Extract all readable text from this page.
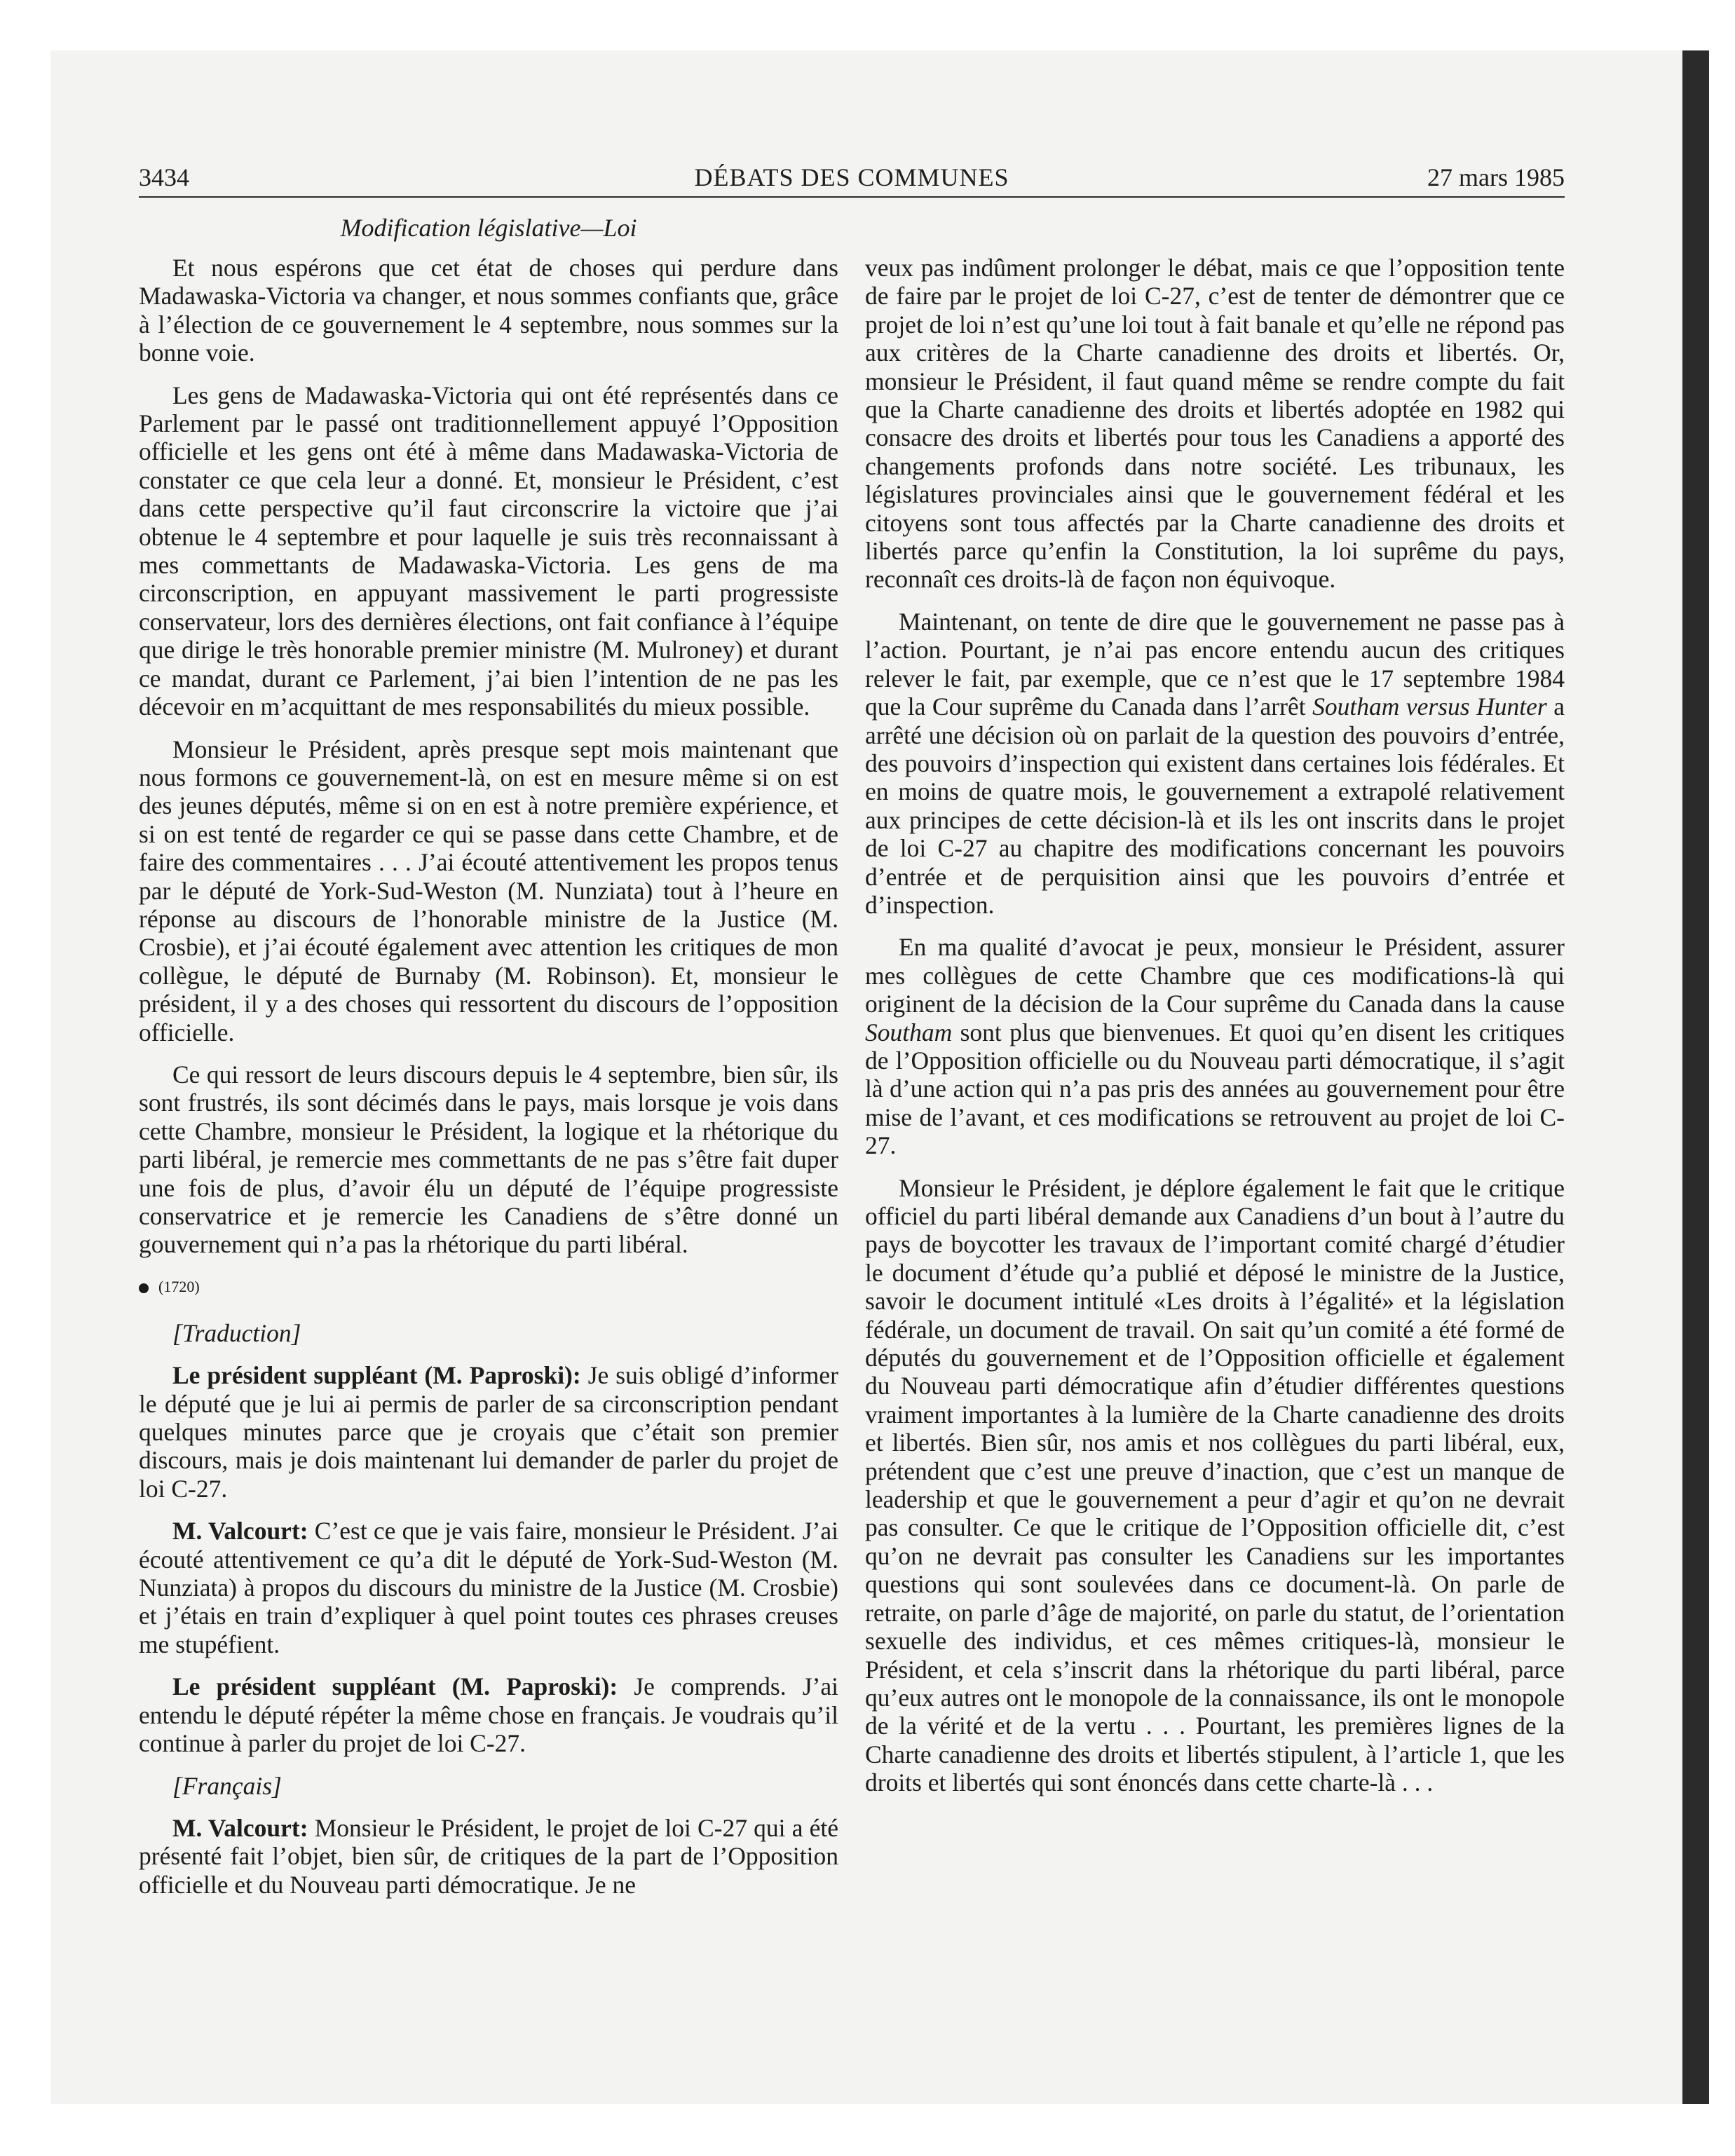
3434	DÉBATS DES COMMUNES	27 mars 1985
Modification législative—Loi

Et nous espérons que cet état de choses qui perdure dans Madawaska-Victoria va changer, et nous sommes confiants que, grâce à l’élection de ce gouvernement le 4 septembre, nous sommes sur la bonne voie.

Les gens de Madawaska-Victoria qui ont été représentés dans ce Parlement par le passé ont traditionnellement appuyé l’Opposition officielle et les gens ont été à même dans Madawaska-Victoria de constater ce que cela leur a donné. Et, monsieur le Président, c’est dans cette perspective qu’il faut circonscrire la victoire que j’ai obtenue le 4 septembre et pour laquelle je suis très reconnaissant à mes commettants de Madawaska-Victoria. Les gens de ma circonscription, en appuyant massivement le parti progressiste conservateur, lors des dernières élections, ont fait confiance à l’équipe que dirige le très honorable premier ministre (M. Mulroney) et durant ce mandat, durant ce Parlement, j’ai bien l’intention de ne pas les décevoir en m’acquittant de mes responsabilités du mieux possible.

Monsieur le Président, après presque sept mois maintenant que nous formons ce gouvernement-là, on est en mesure même si on est des jeunes députés, même si on en est à notre première expérience, et si on est tenté de regarder ce qui se passe dans cette Chambre, et de faire des commentaires . . . J’ai écouté attentivement les propos tenus par le député de York-Sud-Weston (M. Nunziata) tout à l’heure en réponse au discours de l’honorable ministre de la Justice (M. Crosbie), et j’ai écouté également avec attention les critiques de mon collègue, le député de Burnaby (M. Robinson). Et, monsieur le président, il y a des choses qui ressortent du discours de l’opposition officielle.

Ce qui ressort de leurs discours depuis le 4 septembre, bien sûr, ils sont frustrés, ils sont décimés dans le pays, mais lorsque je vois dans cette Chambre, monsieur le Président, la logique et la rhétorique du parti libéral, je remercie mes commettants de ne pas s’être fait duper une fois de plus, d’avoir élu un député de l’équipe progressiste conservatrice et je remercie les Canadiens de s’être donné un gouvernement qui n’a pas la rhétorique du parti libéral.

(1720)

[Traduction]

Le président suppléant (M. Paproski): Je suis obligé d’informer le député que je lui ai permis de parler de sa circonscription pendant quelques minutes parce que je croyais que c’était son premier discours, mais je dois maintenant lui demander de parler du projet de loi C-27.

M. Valcourt: C’est ce que je vais faire, monsieur le Président. J’ai écouté attentivement ce qu’a dit le député de York-Sud-Weston (M. Nunziata) à propos du discours du ministre de la Justice (M. Crosbie) et j’étais en train d’expliquer à quel point toutes ces phrases creuses me stupéfient.

Le président suppléant (M. Paproski): Je comprends. J’ai entendu le député répéter la même chose en français. Je voudrais qu’il continue à parler du projet de loi C-27.

[Français]

M. Valcourt: Monsieur le Président, le projet de loi C-27 qui a été présenté fait l’objet, bien sûr, de critiques de la part de l’Opposition officielle et du Nouveau parti démocratique. Je ne

veux pas indûment prolonger le débat, mais ce que l’opposition tente de faire par le projet de loi C-27, c’est de tenter de démontrer que ce projet de loi n’est qu’une loi tout à fait banale et qu’elle ne répond pas aux critères de la Charte canadienne des droits et libertés. Or, monsieur le Président, il faut quand même se rendre compte du fait que la Charte canadienne des droits et libertés adoptée en 1982 qui consacre des droits et libertés pour tous les Canadiens a apporté des changements profonds dans notre société. Les tribunaux, les législatures provinciales ainsi que le gouvernement fédéral et les citoyens sont tous affectés par la Charte canadienne des droits et libertés parce qu’enfin la Constitution, la loi suprême du pays, reconnaît ces droits-là de façon non équivoque.

Maintenant, on tente de dire que le gouvernement ne passe pas à l’action. Pourtant, je n’ai pas encore entendu aucun des critiques relever le fait, par exemple, que ce n’est que le 17 septembre 1984 que la Cour suprême du Canada dans l’arrêt Southam versus Hunter a arrêté une décision où on parlait de la question des pouvoirs d’entrée, des pouvoirs d’inspection qui existent dans certaines lois fédérales. Et en moins de quatre mois, le gouvernement a extrapolé relativement aux principes de cette décision-là et ils les ont inscrits dans le projet de loi C-27 au chapitre des modifications concernant les pouvoirs d’entrée et de perquisition ainsi que les pouvoirs d’entrée et d’inspection.

En ma qualité d’avocat je peux, monsieur le Président, assurer mes collègues de cette Chambre que ces modifications-là qui originent de la décision de la Cour suprême du Canada dans la cause Southam sont plus que bienvenues. Et quoi qu’en disent les critiques de l’Opposition officielle ou du Nouveau parti démocratique, il s’agit là d’une action qui n’a pas pris des années au gouvernement pour être mise de l’avant, et ces modifications se retrouvent au projet de loi C-27.

Monsieur le Président, je déplore également le fait que le critique officiel du parti libéral demande aux Canadiens d’un bout à l’autre du pays de boycotter les travaux de l’important comité chargé d’étudier le document d’étude qu’a publié et déposé le ministre de la Justice, savoir le document intitulé «Les droits à l’égalité» et la législation fédérale, un document de travail. On sait qu’un comité a été formé de députés du gouvernement et de l’Opposition officielle et également du Nouveau parti démocratique afin d’étudier différentes questions vraiment importantes à la lumière de la Charte canadienne des droits et libertés. Bien sûr, nos amis et nos collègues du parti libéral, eux, prétendent que c’est une preuve d’inaction, que c’est un manque de leadership et que le gouvernement a peur d’agir et qu’on ne devrait pas consulter. Ce que le critique de l’Opposition officielle dit, c’est qu’on ne devrait pas consulter les Canadiens sur les importantes questions qui sont soulevées dans ce document-là. On parle de retraite, on parle d’âge de majorité, on parle du statut, de l’orientation sexuelle des individus, et ces mêmes critiques-là, monsieur le Président, et cela s’inscrit dans la rhétorique du parti libéral, parce qu’eux autres ont le monopole de la connaissance, ils ont le monopole de la vérité et de la vertu . . . Pourtant, les premières lignes de la Charte canadienne des droits et libertés stipulent, à l’article 1, que les droits et libertés qui sont énoncés dans cette charte-là . . .
